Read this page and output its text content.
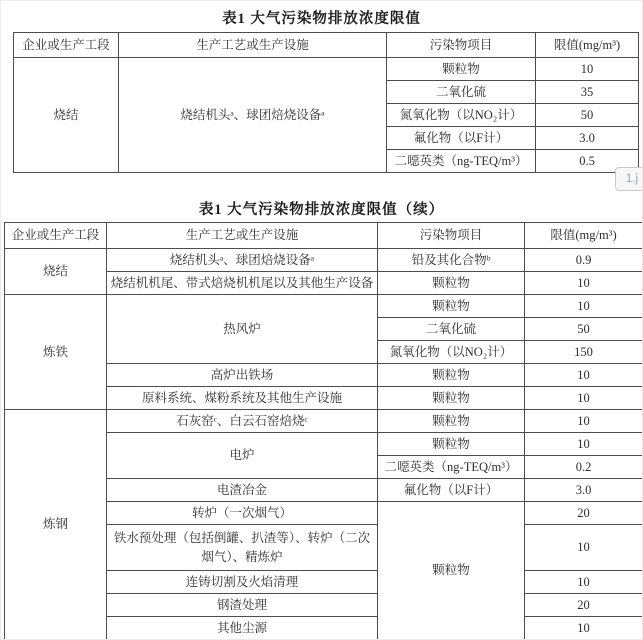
表1 大气污染物排放浓度限值
企业或生产工段	生产工艺或生产设施	污染物项目	限值(mg/m³)
烧结	烧结机头ᵃ、球团焙烧设备ᵃ	颗粒物	10
		二氧化硫	35
		氮氧化物（以NO₂计）	50
		氟化物（以F计）	3.0
		二噁英类（ng-TEQ/m³）	0.5
1.j
表1 大气污染物排放浓度限值（续）
企业或生产工段	生产工艺或生产设施	污染物项目	限值(mg/m³)
烧结	烧结机头ᵃ、球团焙烧设备ᵃ	铅及其化合物ᵇ	0.9
	烧结机机尾、带式焙烧机机尾以及其他生产设备	颗粒物	10
炼铁	热风炉	颗粒物	10
		二氧化硫	50
		氮氧化物（以NO₂计）	150
	高炉出铁场	颗粒物	10
	原料系统、煤粉系统及其他生产设施	颗粒物	10
炼钢	石灰窑ᶜ、白云石窑焙烧ᶜ	颗粒物	10
	电炉	颗粒物	10
		二噁英类（ng-TEQ/m³）	0.2
	电渣冶金	氟化物（以F计）	3.0
	转炉（一次烟气）	颗粒物	20
	铁水预处理（包括倒罐、扒渣等）、转炉（二次烟气）、精炼炉		10
	连铸切割及火焰清理		10
	钢渣处理		20
	其他尘源		10
